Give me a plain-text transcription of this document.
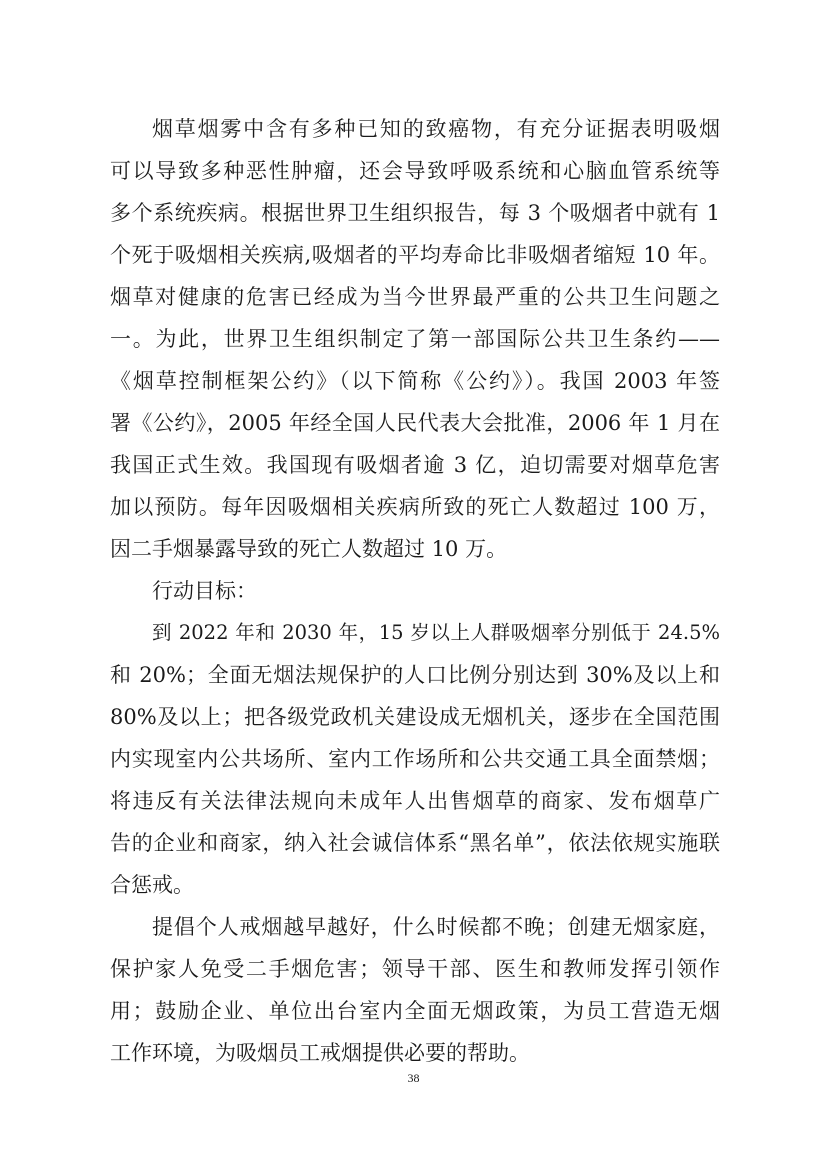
烟草烟雾中含有多种已知的致癌物，有充分证据表明吸烟
可以导致多种恶性肿瘤，还会导致呼吸系统和心脑血管系统等
多个系统疾病。根据世界卫生组织报告，每 3 个吸烟者中就有 1
个死于吸烟相关疾病,吸烟者的平均寿命比非吸烟者缩短 10 年。
烟草对健康的危害已经成为当今世界最严重的公共卫生问题之
一。为此，世界卫生组织制定了第一部国际公共卫生条约——
《烟草控制框架公约》（以下简称《公约》）。我国 2003 年签
署《公约》，2005 年经全国人民代表大会批准，2006 年 1 月在
我国正式生效。我国现有吸烟者逾 3 亿，迫切需要对烟草危害
加以预防。每年因吸烟相关疾病所致的死亡人数超过 100 万，
因二手烟暴露导致的死亡人数超过 10 万。
行动目标：
到 2022 年和 2030 年，15 岁以上人群吸烟率分别低于 24.5%
和 20%；全面无烟法规保护的人口比例分别达到 30%及以上和
80%及以上；把各级党政机关建设成无烟机关，逐步在全国范围
内实现室内公共场所、室内工作场所和公共交通工具全面禁烟；
将违反有关法律法规向未成年人出售烟草的商家、发布烟草广
告的企业和商家，纳入社会诚信体系“黑名单”，依法依规实施联
合惩戒。
提倡个人戒烟越早越好，什么时候都不晚；创建无烟家庭，
保护家人免受二手烟危害；领导干部、医生和教师发挥引领作
用；鼓励企业、单位出台室内全面无烟政策，为员工营造无烟
工作环境，为吸烟员工戒烟提供必要的帮助。
38
